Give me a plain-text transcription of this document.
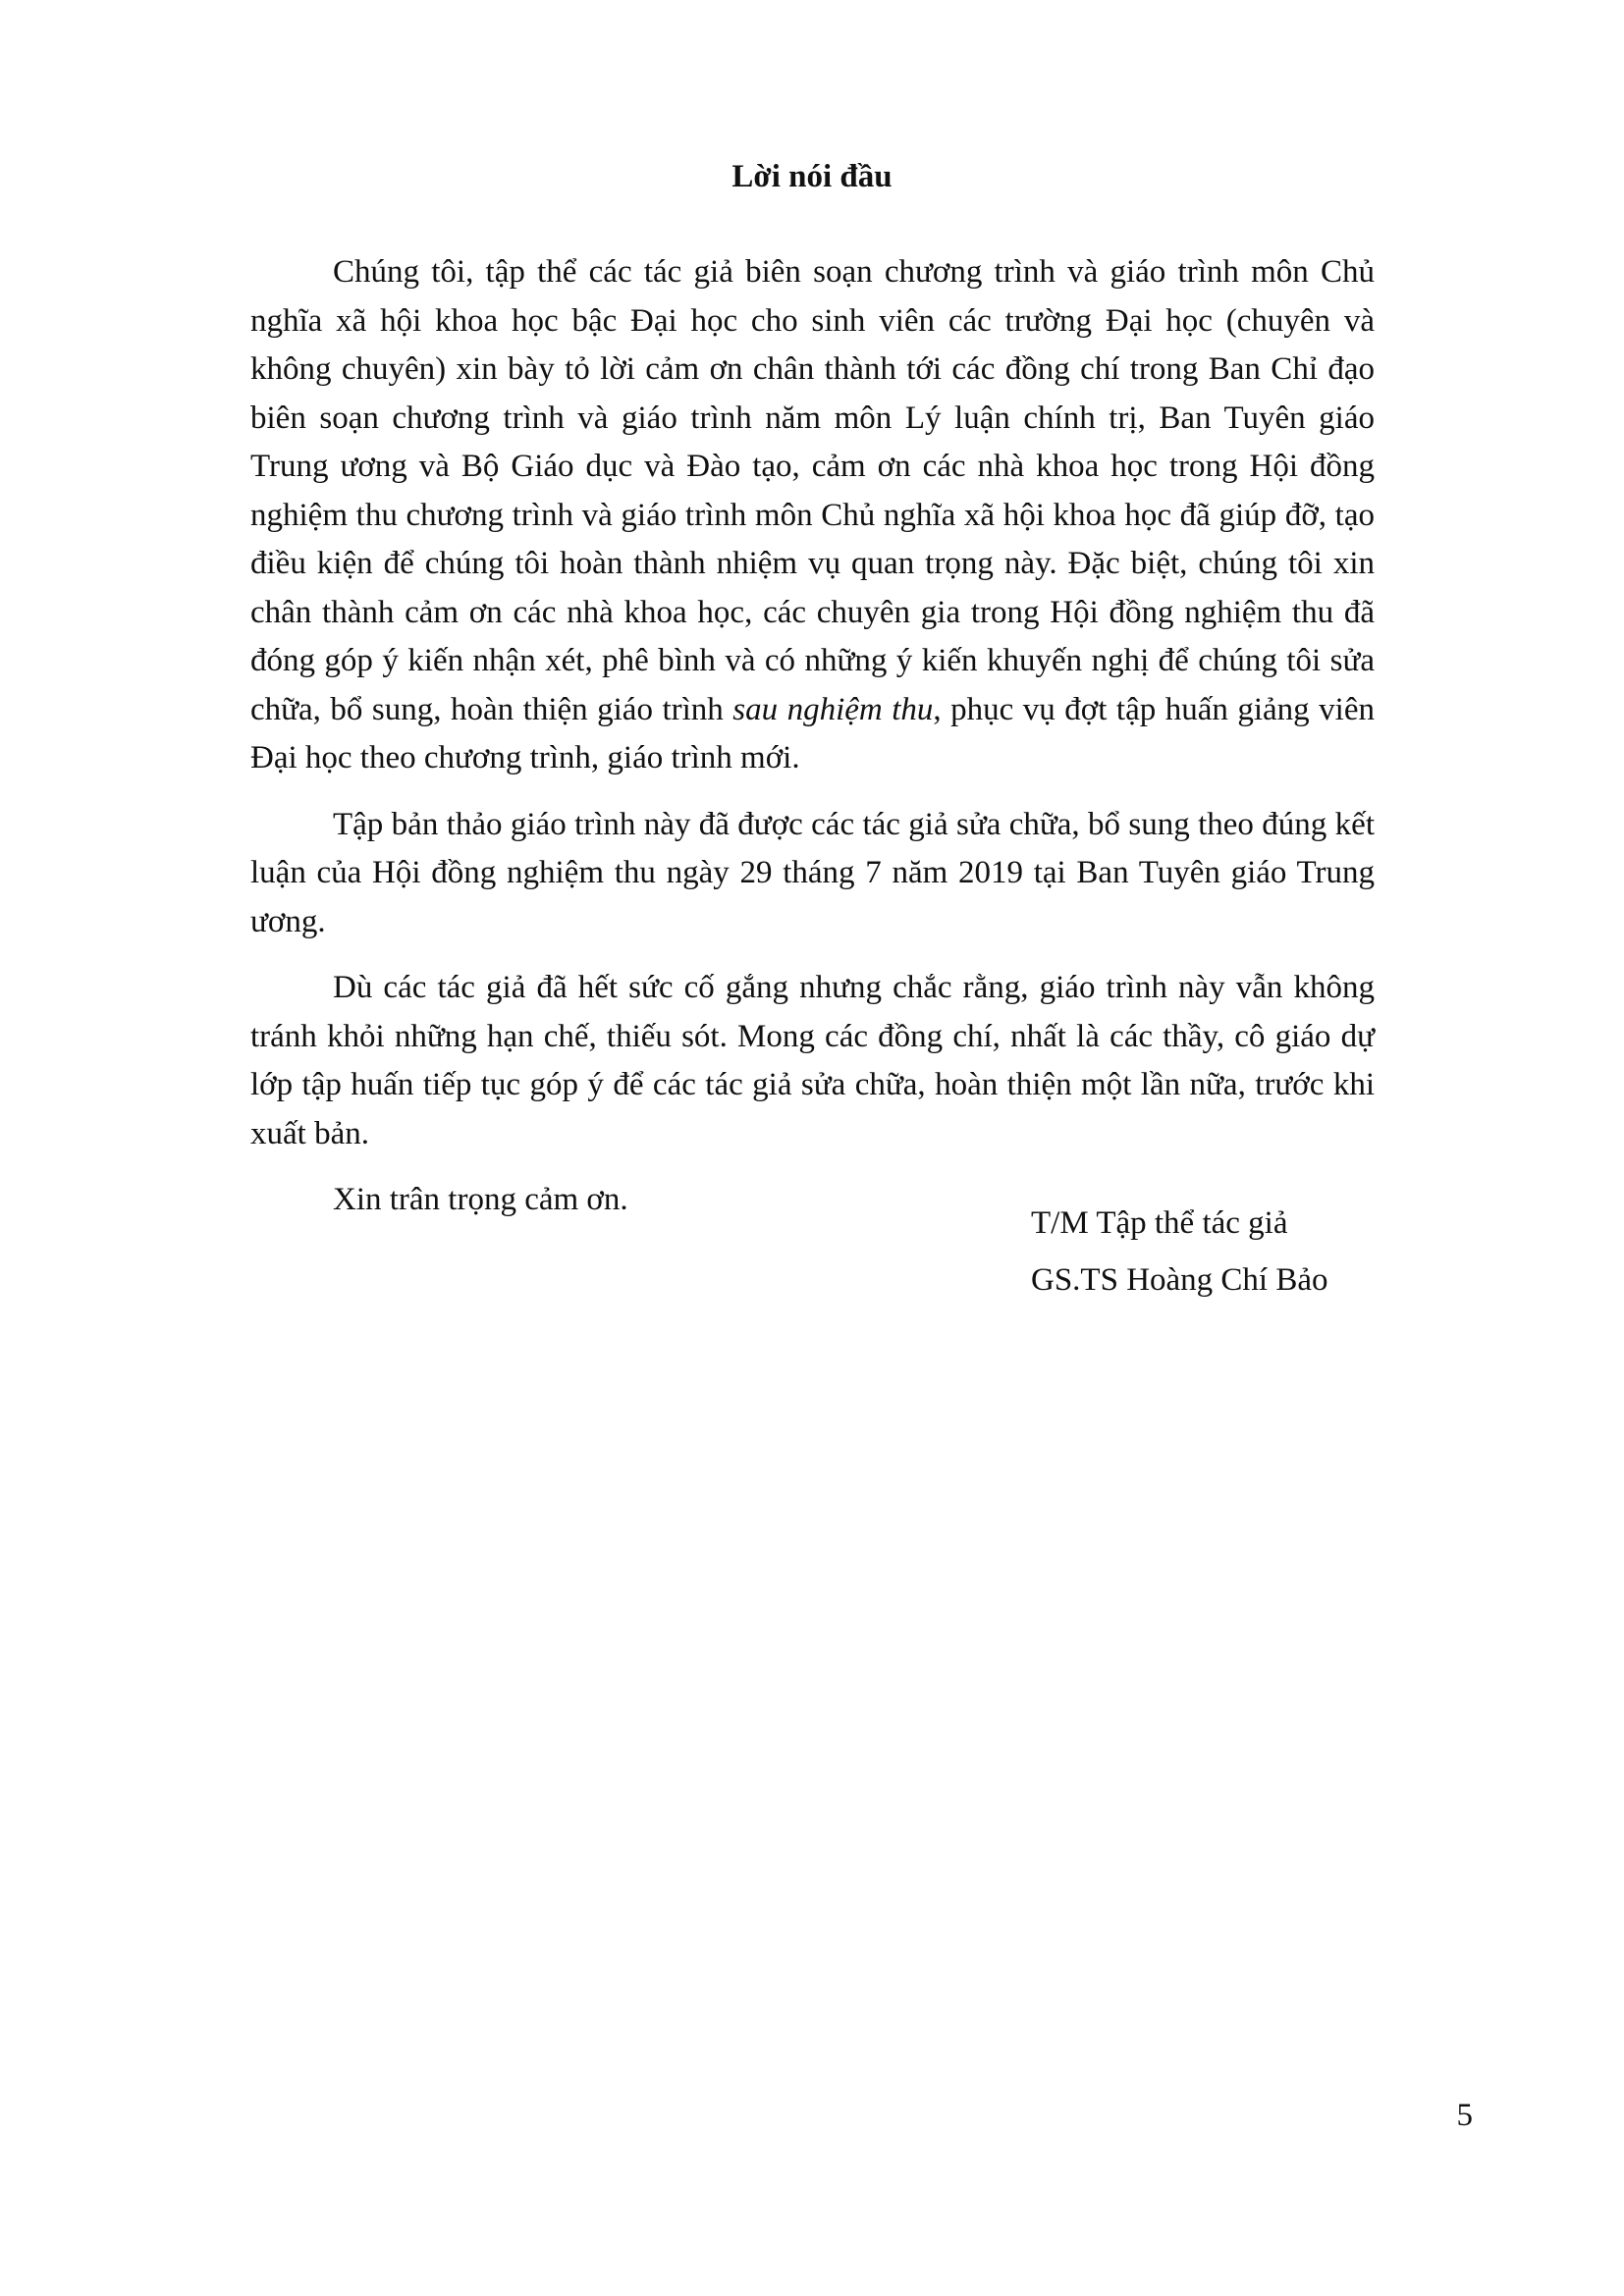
Lời nói đầu

Chúng tôi, tập thể các tác giả biên soạn chương trình và giáo trình môn Chủ nghĩa xã hội khoa học bậc Đại học cho sinh viên các trường Đại học (chuyên và không chuyên) xin bày tỏ lời cảm ơn chân thành tới các đồng chí trong Ban Chỉ đạo biên soạn chương trình và giáo trình năm môn Lý luận chính trị, Ban Tuyên giáo Trung ương và Bộ Giáo dục và Đào tạo, cảm ơn các nhà khoa học trong Hội đồng nghiệm thu chương trình và giáo trình môn Chủ nghĩa xã hội khoa học đã giúp đỡ, tạo điều kiện để chúng tôi hoàn thành nhiệm vụ quan trọng này. Đặc biệt, chúng tôi xin chân thành cảm ơn các nhà khoa học, các chuyên gia trong Hội đồng nghiệm thu đã đóng góp ý kiến nhận xét, phê bình và có những ý kiến khuyến nghị để chúng tôi sửa chữa, bổ sung, hoàn thiện giáo trình sau nghiệm thu, phục vụ đợt tập huấn giảng viên Đại học theo chương trình, giáo trình mới.

Tập bản thảo giáo trình này đã được các tác giả sửa chữa, bổ sung theo đúng kết luận của Hội đồng nghiệm thu ngày 29 tháng 7 năm 2019 tại Ban Tuyên giáo Trung ương.

Dù các tác giả đã hết sức cố gắng nhưng chắc rằng, giáo trình này vẫn không tránh khỏi những hạn chế, thiếu sót. Mong các đồng chí, nhất là các thầy, cô giáo dự lớp tập huấn tiếp tục góp ý để các tác giả sửa chữa, hoàn thiện một lần nữa, trước khi xuất bản.

Xin trân trọng cảm ơn.

T/M Tập thể tác giả
GS.TS Hoàng Chí Bảo
5
